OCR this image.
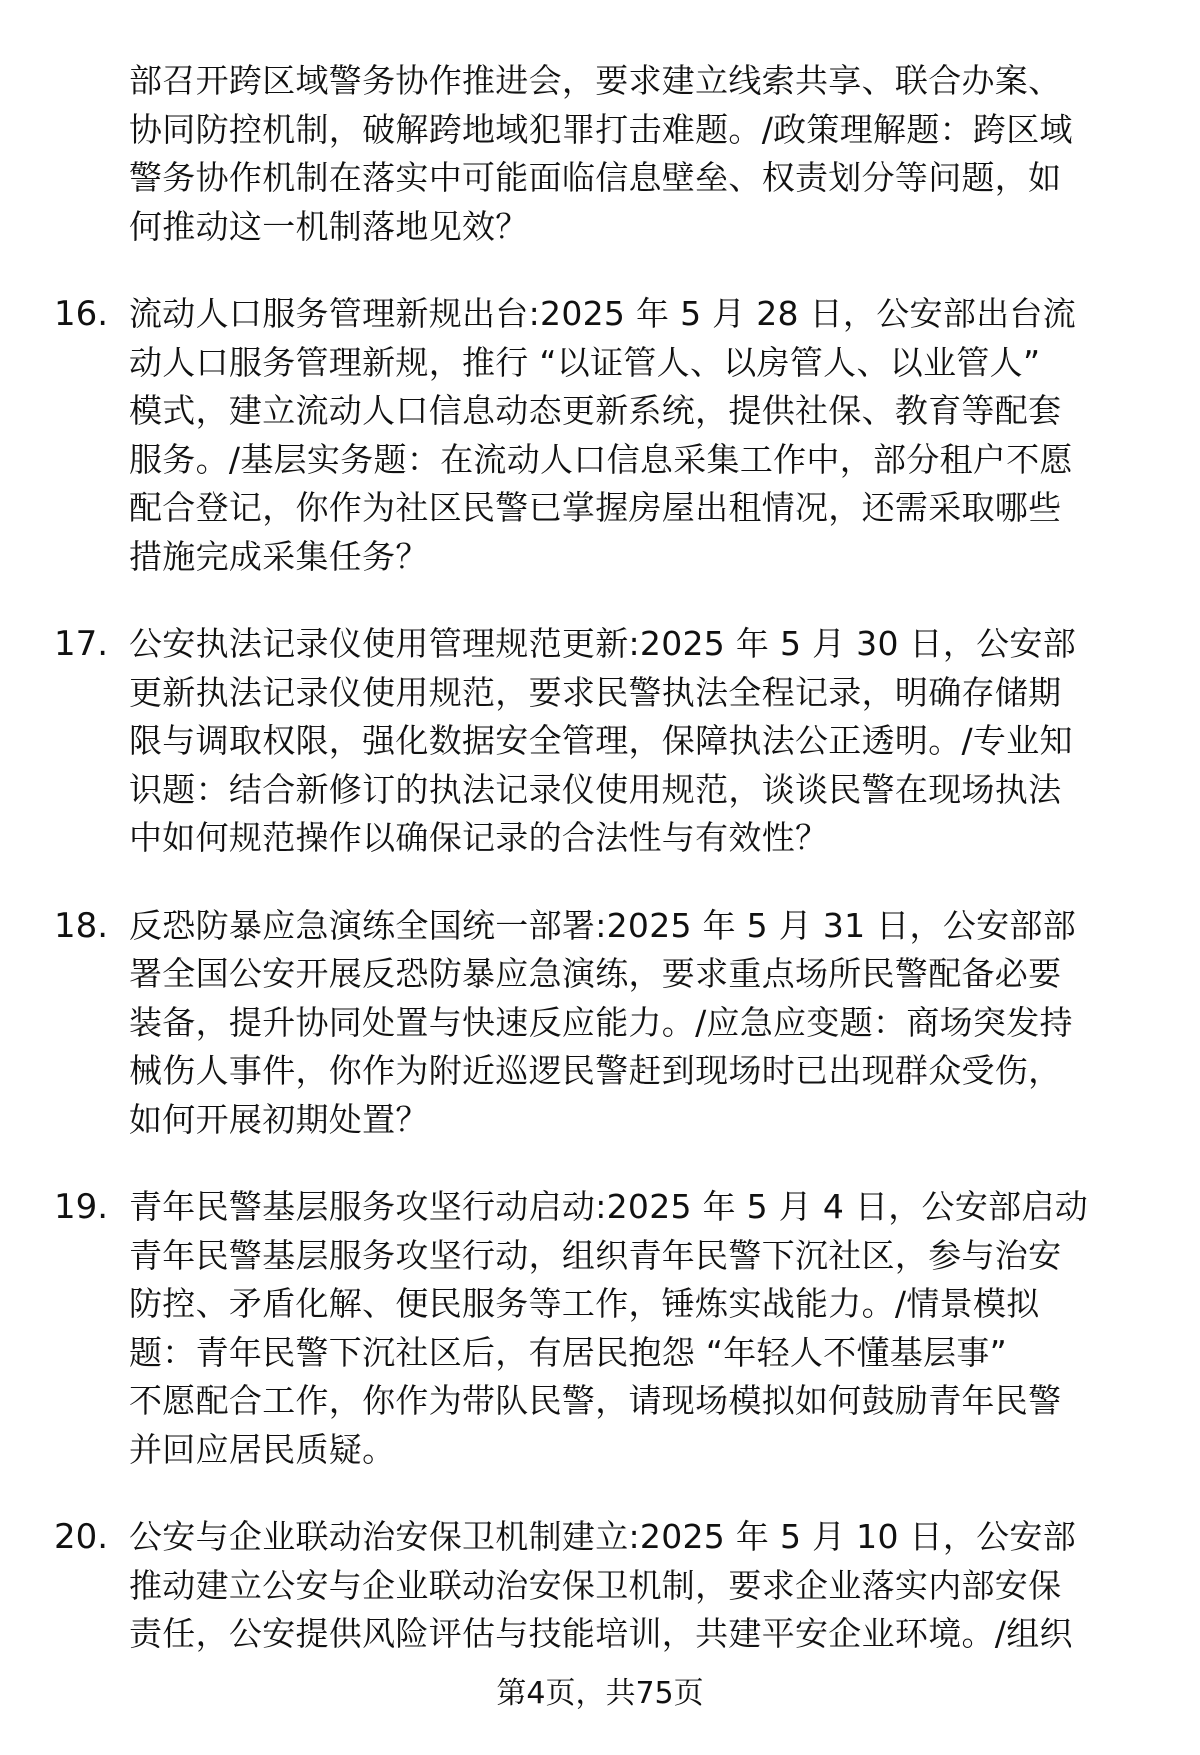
部召开跨区域警务协作推进会，要求建立线索共享、联合办案、
协同防控机制，破解跨地域犯罪打击难题。/政策理解题：跨区域
警务协作机制在落实中可能面临信息壁垒、权责划分等问题，如
何推动这一机制落地见效？
16. 流动人口服务管理新规出台:2025 年 5 月 28 日，公安部出台流
动人口服务管理新规，推行 “以证管人、以房管人、以业管人”
模式，建立流动人口信息动态更新系统，提供社保、教育等配套
服务。/基层实务题：在流动人口信息采集工作中，部分租户不愿
配合登记，你作为社区民警已掌握房屋出租情况，还需采取哪些
措施完成采集任务？
17. 公安执法记录仪使用管理规范更新:2025 年 5 月 30 日，公安部
更新执法记录仪使用规范，要求民警执法全程记录，明确存储期
限与调取权限，强化数据安全管理，保障执法公正透明。/专业知
识题：结合新修订的执法记录仪使用规范，谈谈民警在现场执法
中如何规范操作以确保记录的合法性与有效性？
18. 反恐防暴应急演练全国统一部署:2025 年 5 月 31 日，公安部部
署全国公安开展反恐防暴应急演练，要求重点场所民警配备必要
装备，提升协同处置与快速反应能力。/应急应变题：商场突发持
械伤人事件，你作为附近巡逻民警赶到现场时已出现群众受伤，
如何开展初期处置？
19. 青年民警基层服务攻坚行动启动:2025 年 5 月 4 日，公安部启动
青年民警基层服务攻坚行动，组织青年民警下沉社区，参与治安
防控、矛盾化解、便民服务等工作，锤炼实战能力。/情景模拟
题：青年民警下沉社区后，有居民抱怨 “年轻人不懂基层事”
不愿配合工作，你作为带队民警，请现场模拟如何鼓励青年民警
并回应居民质疑。
20. 公安与企业联动治安保卫机制建立:2025 年 5 月 10 日，公安部
推动建立公安与企业联动治安保卫机制，要求企业落实内部安保
责任，公安提供风险评估与技能培训，共建平安企业环境。/组织
第4页，共75页
